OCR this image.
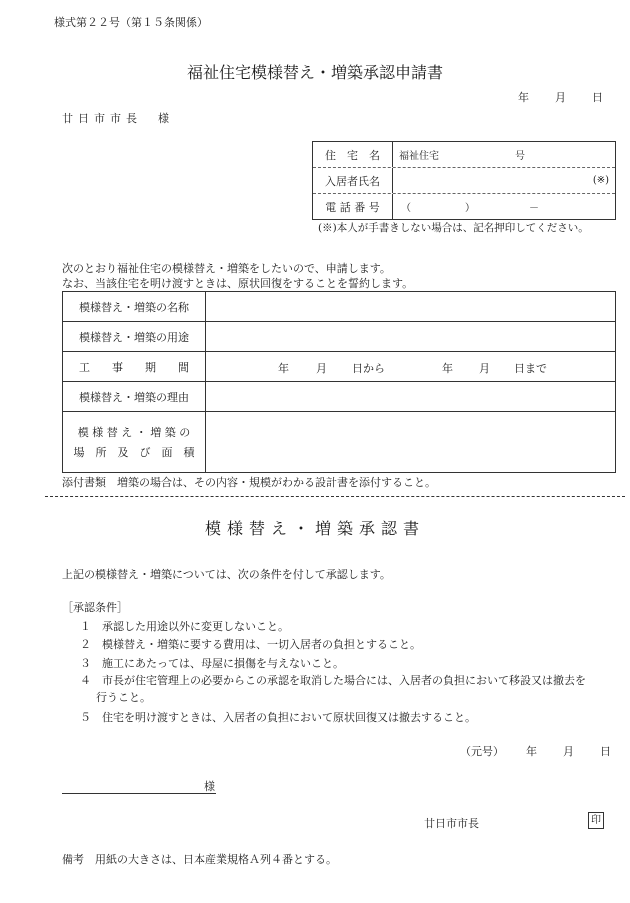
様式第２２号（第１５条関係）
福祉住宅模様替え・増築承認申請書
年 月 日
廿日市市長　様
住　宅　名	福祉住宅	号
入居者氏名	(※)
電 話 番 号	（	）	－
(※)本人が手書きしない場合は、記名押印してください。
次のとおり福祉住宅の模様替え・増築をしたいので、申請します。
なお、当該住宅を明け渡すときは、原状回復をすることを誓約します。
模様替え・増築の名称
模様替え・増築の用途
工　　事　　期　　間	年 月 日から	年 月 日まで
模様替え・増築の理由
模 様 替 え ・ 増 築 の
場　所　及　び　面　積
添付書類　増築の場合は、その内容・規模がわかる設計書を添付すること。
模様替え・増築承認書
上記の模様替え・増築については、次の条件を付して承認します。
［承認条件］
１　承認した用途以外に変更しないこと。
２　模様替え・増築に要する費用は、一切入居者の負担とすること。
３　施工にあたっては、母屋に損傷を与えないこと。
４　市長が住宅管理上の必要からこの承認を取消した場合には、入居者の負担において移設又は撤去を
行うこと。
５　住宅を明け渡すときは、入居者の負担において原状回復又は撤去すること。
（元号） 年 月 日
様
廿日市市長	印
備考　用紙の大きさは、日本産業規格Ａ列４番とする。
